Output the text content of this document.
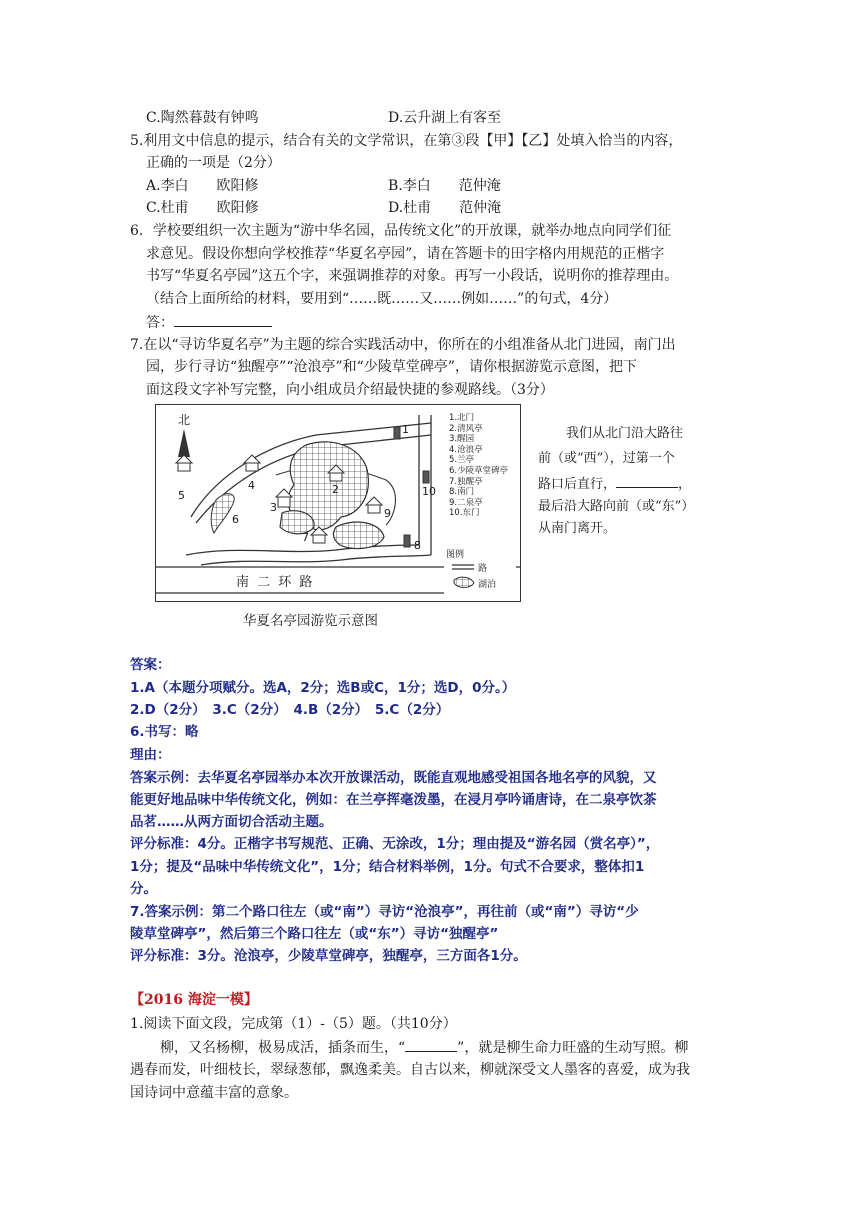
C.陶然暮鼓有钟鸣	D.云升湖上有客至
5.利用文中信息的提示，结合有关的文学常识，在第③段【甲】【乙】处填入恰当的内容，
正确的一项是（2分）
A.李白　　欧阳修	B.李白　　范仲淹
C.杜甫　　欧阳修	D.杜甫　　范仲淹
6．学校要组织一次主题为“游中华名园，品传统文化”的开放课，就举办地点向同学们征
求意见。假设你想向学校推荐“华夏名亭园”，请在答题卡的田字格内用规范的正楷字
书写“华夏名亭园”这五个字，来强调推荐的对象。再写一小段话，说明你的推荐理由。
（结合上面所给的材料，要用到“……既……又……例如……”的句式，4分）
答：
7.在以“寻访华夏名亭”为主题的综合实践活动中，你所在的小组准备从北门进园，南门出
园，步行寻访“独醒亭”“沧浪亭”和“少陵草堂碑亭”，请你根据游览示意图，把下
面这段文字补写完整，向小组成员介绍最快捷的参观路线。（3分）
北
1
2
3
4
5
6
7
8
9
10
南 二 环 路
1.北门
2.清风亭
3.醒园
4.沧浪亭
5.兰亭
6.少陵草堂碑亭
7.独醒亭
8.南门
9.二泉亭
10.东门
图例
路
湖泊
华夏名亭园游览示意图
我们从北门沿大路往
前（或“西”），过第一个
路口后直行，	，
最后沿大路向前（或“东”）
从南门离开。
答案：
1.A（本题分项赋分。选A，2分；选B或C，1分；选D，0分。）
2.D（2分）　3.C（2分）　4.B（2分）　5.C（2分）
6.书写：略
理由：
答案示例：去华夏名亭园举办本次开放课活动，既能直观地感受祖国各地名亭的风貌，又
能更好地品味中华传统文化，例如：在兰亭挥毫泼墨，在浸月亭吟诵唐诗，在二泉亭饮茶
品茗……从两方面切合活动主题。
评分标准：4分。正楷字书写规范、正确、无涂改，1分；理由提及“游名园（赏名亭）”，
1分；提及“品味中华传统文化”，1分；结合材料举例，1分。句式不合要求，整体扣1
分。
7.答案示例：第二个路口往左（或“南”）寻访“沧浪亭”，再往前（或“南”）寻访“少
陵草堂碑亭”，然后第三个路口往左（或“东”）寻访“独醒亭”
评分标准：3分。沧浪亭，少陵草堂碑亭，独醒亭，三方面各1分。
【2016 海淀一模】
1.阅读下面文段，完成第（1）-（5）题。（共10分）
柳，又名杨柳，极易成活，插条而生，“	”，就是柳生命力旺盛的生动写照。柳
遇春而发，叶细枝长，翠绿葱郁，飘逸柔美。自古以来，柳就深受文人墨客的喜爱，成为我
国诗词中意蕴丰富的意象。
